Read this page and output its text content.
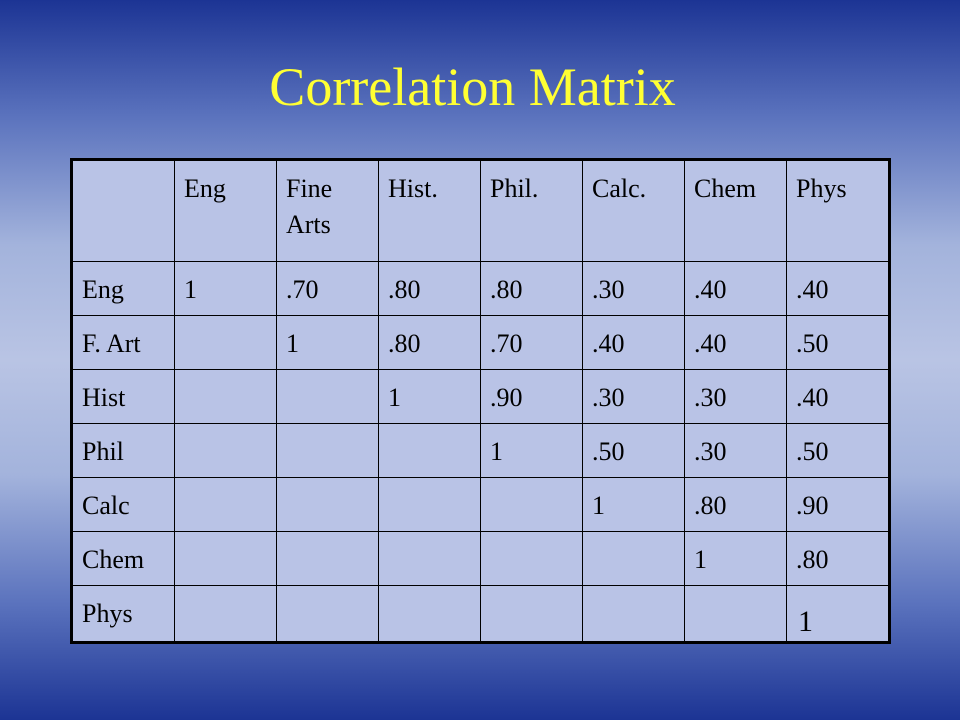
Correlation Matrix
	Eng	Fine Arts	Hist.	Phil.	Calc.	Chem	Phys
Eng	1	.70	.80	.80	.30	.40	.40
F. Art		1	.80	.70	.40	.40	.50
Hist			1	.90	.30	.30	.40
Phil				1	.50	.30	.50
Calc					1	.80	.90
Chem						1	.80
Phys							1
